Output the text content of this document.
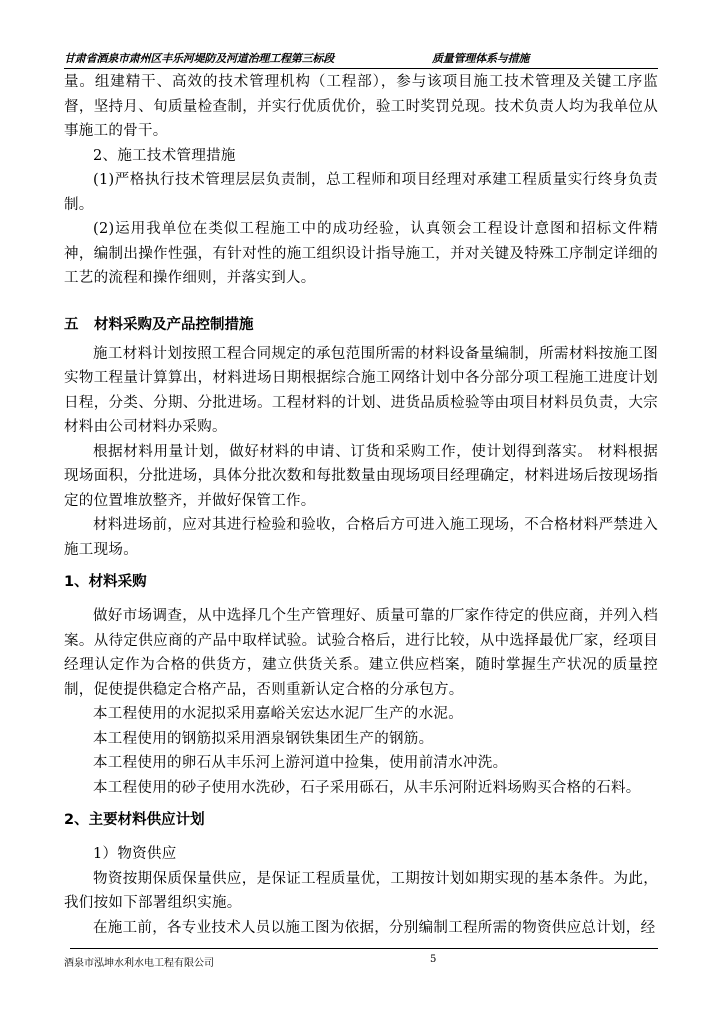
甘肃省酒泉市肃州区丰乐河堤防及河道治理工程第三标段	质量管理体系与措施

量。组建精干、高效的技术管理机构（工程部），参与该项目施工技术管理及关键工序监督，坚持月、旬质量检查制，并实行优质优价，验工时奖罚兑现。技术负责人均为我单位从事施工的骨干。

2、施工技术管理措施

(1)严格执行技术管理层层负责制，总工程师和项目经理对承建工程质量实行终身负责制。

(2)运用我单位在类似工程施工中的成功经验，认真领会工程设计意图和招标文件精神，编制出操作性强，有针对性的施工组织设计指导施工，并对关键及特殊工序制定详细的工艺的流程和操作细则，并落实到人。

五 材料采购及产品控制措施

施工材料计划按照工程合同规定的承包范围所需的材料设备量编制，所需材料按施工图实物工程量计算算出，材料进场日期根据综合施工网络计划中各分部分项工程施工进度计划日程，分类、分期、分批进场。工程材料的计划、进货品质检验等由项目材料员负责，大宗材料由公司材料办采购。

根据材料用量计划，做好材料的申请、订货和采购工作，使计划得到落实。 材料根据现场面积，分批进场，具体分批次数和每批数量由现场项目经理确定，材料进场后按现场指定的位置堆放整齐，并做好保管工作。

材料进场前，应对其进行检验和验收，合格后方可进入施工现场，不合格材料严禁进入施工现场。

1、材料采购

做好市场调查，从中选择几个生产管理好、质量可靠的厂家作待定的供应商，并列入档案。从待定供应商的产品中取样试验。试验合格后，进行比较，从中选择最优厂家，经项目经理认定作为合格的供货方，建立供货关系。建立供应档案，随时掌握生产状况的质量控制，促使提供稳定合格产品，否则重新认定合格的分承包方。

本工程使用的水泥拟采用嘉峪关宏达水泥厂生产的水泥。

本工程使用的钢筋拟采用酒泉钢铁集团生产的钢筋。

本工程使用的卵石从丰乐河上游河道中捡集，使用前清水冲洗。

本工程使用的砂子使用水洗砂，石子采用砾石，从丰乐河附近料场购买合格的石料。

2、主要材料供应计划

1）物资供应

物资按期保质保量供应，是保证工程质量优，工期按计划如期实现的基本条件。为此，我们按如下部署组织实施。

在施工前，各专业技术人员以施工图为依据，分别编制工程所需的物资供应总计划，经

酒泉市泓坤水利水电工程有限公司	5
